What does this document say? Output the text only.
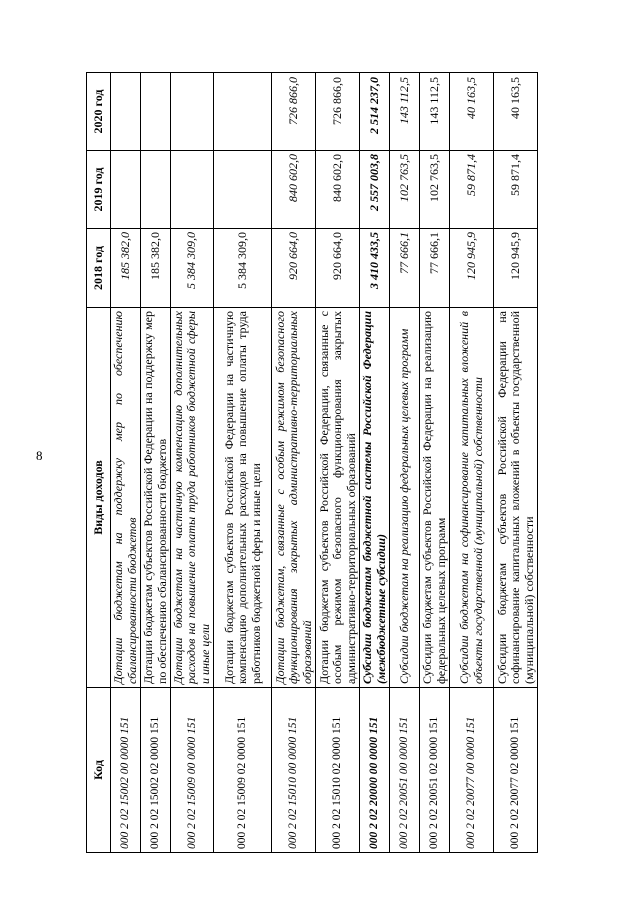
8
Код	Виды доходов	2018 год	2019 год	2020 год
000 2 02 15002 00 0000 151	Дотации бюджетам на поддержку мер по обеспечению сбалансированности бюджетов	185 382,0		
000 2 02 15002 02 0000 151	Дотации бюджетам субъектов Российской Федерации на поддержку мер по обеспечению сбалансированности бюджетов	185 382,0		
000 2 02 15009 00 0000 151	Дотации бюджетам на частичную компенсацию дополнительных расходов на повышение оплаты труда работников бюджетной сферы и иные цели	5 384 309,0		
000 2 02 15009 02 0000 151	Дотации бюджетам субъектов Российской Федерации на частичную компенсацию дополнительных расходов на повышение оплаты труда работников бюджетной сферы и иные цели	5 384 309,0		
000 2 02 15010 00 0000 151	Дотации бюджетам, связанные с особым режимом безопасного функционирования закрытых административно-территориальных образований	920 664,0	840 602,0	726 866,0
000 2 02 15010 02 0000 151	Дотации бюджетам субъектов Российской Федерации, связанные с особым режимом безопасного функционирования закрытых административно-территориальных образований	920 664,0	840 602,0	726 866,0
000 2 02 20000 00 0000 151	Субсидии бюджетам бюджетной системы Российской Федерации (межбюджетные субсидии)	3 410 433,5	2 557 003,8	2 514 237,0
000 2 02 20051 00 0000 151	Субсидии бюджетам на реализацию федеральных целевых программ	77 666,1	102 763,5	143 112,5
000 2 02 20051 02 0000 151	Субсидии бюджетам субъектов Российской Федерации на реализацию федеральных целевых программ	77 666,1	102 763,5	143 112,5
000 2 02 20077 00 0000 151	Субсидии бюджетам на софинансирование капитальных вложений в объекты государственной (муниципальной) собственности	120 945,9	59 871,4	40 163,5
000 2 02 20077 02 0000 151	Субсидии бюджетам субъектов Российской Федерации на софинансирование капитальных вложений в объекты государственной (муниципальной) собственности	120 945,9	59 871,4	40 163,5
